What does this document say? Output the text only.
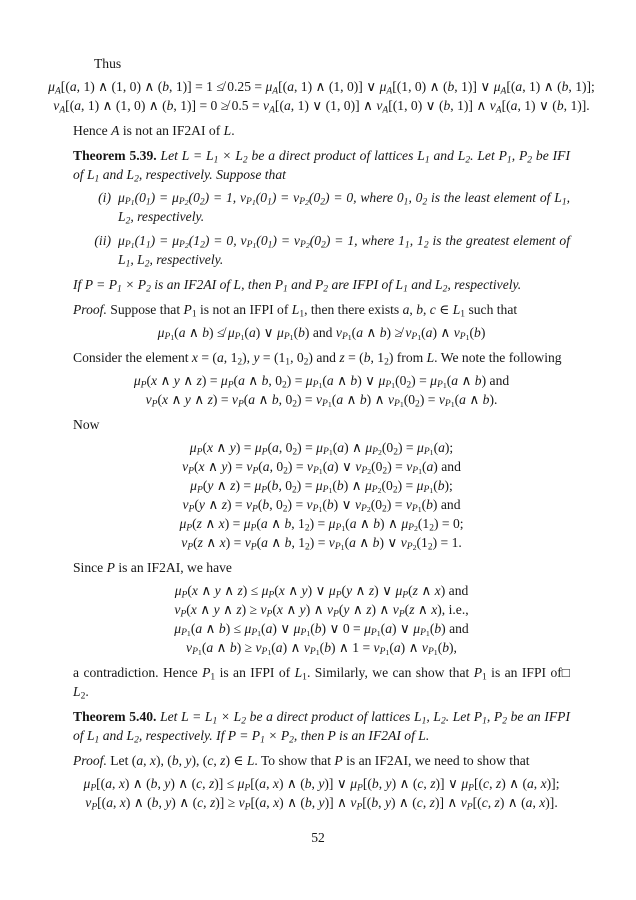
Thus
$\mu_A[(a$, 1) ∧ (1, 0) ∧ (b, 1)] = 1 ≰ $0.25 = \mu_A[(a$, 1) ∧ (1, 0)] ∨ $\mu_A[(1$, 0) ∧ (b, 1)] ∨ $\mu_A[(a$, 1) ∧ (b, 1)];
$\nu_A[(a$, 1) ∧ (1, 0) ∧ (b, 1)] = 0 ≱ $0.5 = \nu_A[(a$, 1) ∨ (1, 0)] ∧ $\nu_A[(1$, 0) ∨ (b, 1)] ∧ $\nu_A[(a$, 1) ∨ (b, 1)].
Hence A is not an IF2AI of L.
Theorem 5.39. Let $L = L_1 \times L_2$ be a direct product of lattices $L_1$ and $L_2$. Let $P_1$, $P_2$ be IFI of $L_1$ and $L_2$, respectively. Suppose that
(i) $\mu_{P_1}(0_1) = \mu_{P_2}(0_2) = 1$, $\nu_{P_1}(0_1) = \nu_{P_2}(0_2) = 0$, where $0_1$, $0_2$ is the least element of $L_1$, $L_2$, respectively.
(ii) $\mu_{P_1}(1_1) = \mu_{P_2}(1_2) = 0$, $\nu_{P_1}(0_1) = \nu_{P_2}(0_2) = 1$, where $1_1$, $1_2$ is the greatest element of $L_1$, $L_2$, respectively.
If $P = P_1 \times P_2$ is an IF2AI of L, then $P_1$ and $P_2$ are IFPI of $L_1$ and $L_2$, respectively.
Proof. Suppose that $P_1$ is not an IFPI of $L_1$, then there exists a, b, c ∈ $L_1$ such that
$\mu_{P_1}(a$ ∧ b) ≰ $\mu_{P_1}(a)$ ∨ $\mu_{P_1}(b)$ and $\nu_{P_1}(a$ ∧ b) ≱ $\nu_{P_1}(a)$ ∧ $\nu_{P_1}(b)$
Consider the element x = (a, $1_2$), $y = (1_1$, $0_2$) and z = (b, $1_2$) from L. We note the following
$\mu_P(x$ ∧ y ∧ $z) = \mu_P(a$ ∧ b, $0_2) = \mu_{P_1}(a$ ∧ b) ∨ $\mu_{P_1}(0_2) = \mu_{P_1}(a$ ∧ b) and
$\nu_P(x$ ∧ y ∧ $z) = \nu_P(a$ ∧ b, $0_2) = \nu_{P_1}(a$ ∧ b) ∧ $\nu_{P_1}(0_2) = \nu_{P_1}(a$ ∧ b).
Now
$\mu_P(x$ ∧ $y) = \mu_P(a$, $0_2) = \mu_{P_1}(a)$ ∧ $\mu_{P_2}(0_2) = \mu_{P_1}(a)$;
$\nu_P(x$ ∧ $y) = \nu_P(a$, $0_2) = \nu_{P_1}(a)$ ∨ $\nu_{P_2}(0_2) = \nu_{P_1}(a)$ and
$\mu_P(y$ ∧ $z) = \mu_P(b$, $0_2) = \mu_{P_1}(b)$ ∧ $\mu_{P_2}(0_2) = \mu_{P_1}(b)$;
$\nu_P(y$ ∧ $z) = \nu_P(b$, $0_2) = \nu_{P_1}(b)$ ∨ $\nu_{P_2}(0_2) = \nu_{P_1}(b)$ and
$\mu_P(z$ ∧ $x) = \mu_P(a$ ∧ b, $1_2) = \mu_{P_1}(a$ ∧ b) ∧ $\mu_{P_2}(1_2) = 0$;
$\nu_P(z$ ∧ $x) = \nu_P(a$ ∧ b, $1_2) = \nu_{P_1}(a$ ∧ b) ∨ $\nu_{P_2}(1_2) = 1$.
Since P is an IF2AI, we have
$\mu_P(x$ ∧ y ∧ $z) \le \mu_P(x$ ∧ y) ∨ $\mu_P(y$ ∧ z) ∨ $\mu_P(z$ ∧ x) and
$\nu_P(x$ ∧ y ∧ $z) \ge \nu_P(x$ ∧ y) ∧ $\nu_P(y$ ∧ z) ∧ $\nu_P(z$ ∧ x), i.e.,
$\mu_{P_1}(a$ ∧ $b) \le \mu_{P_1}(a)$ ∨ $\mu_{P_1}(b)$ ∨ $0 = \mu_{P_1}(a)$ ∨ $\mu_{P_1}(b)$ and
$\nu_{P_1}(a$ ∧ $b) \ge \nu_{P_1}(a)$ ∧ $\nu_{P_1}(b)$ ∧ $1 = \nu_{P_1}(a)$ ∧ $\nu_{P_1}(b)$,
□
a contradiction. Hence $P_1$ is an IFPI of $L_1$. Similarly, we can show that $P_1$ is an IFPI of $L_2$.
Theorem 5.40. Let $L = L_1 \times L_2$ be a direct product of lattices $L_1$, $L_2$. Let $P_1$, $P_2$ be an IFPI of $L_1$ and $L_2$, respectively. If $P = P_1 \times P_2$, then P is an IF2AI of L.
Proof. Let (a, x), (b, y), (c, z) ∈ L. To show that P is an IF2AI, we need to show that
$\mu_P[(a$, x) ∧ (b, y) ∧ (c, $z)] \le \mu_P[(a$, x) ∧ (b, y)] ∨ $\mu_P[(b$, y) ∧ (c, z)] ∨ $\mu_P[(c$, z) ∧ (a, x)];
$\nu_P[(a$, x) ∧ (b, y) ∧ (c, $z)] \ge \nu_P[(a$, x) ∧ (b, y)] ∧ $\nu_P[(b$, y) ∧ (c, z)] ∧ $\nu_P[(c$, z) ∧ (a, x)].
52
